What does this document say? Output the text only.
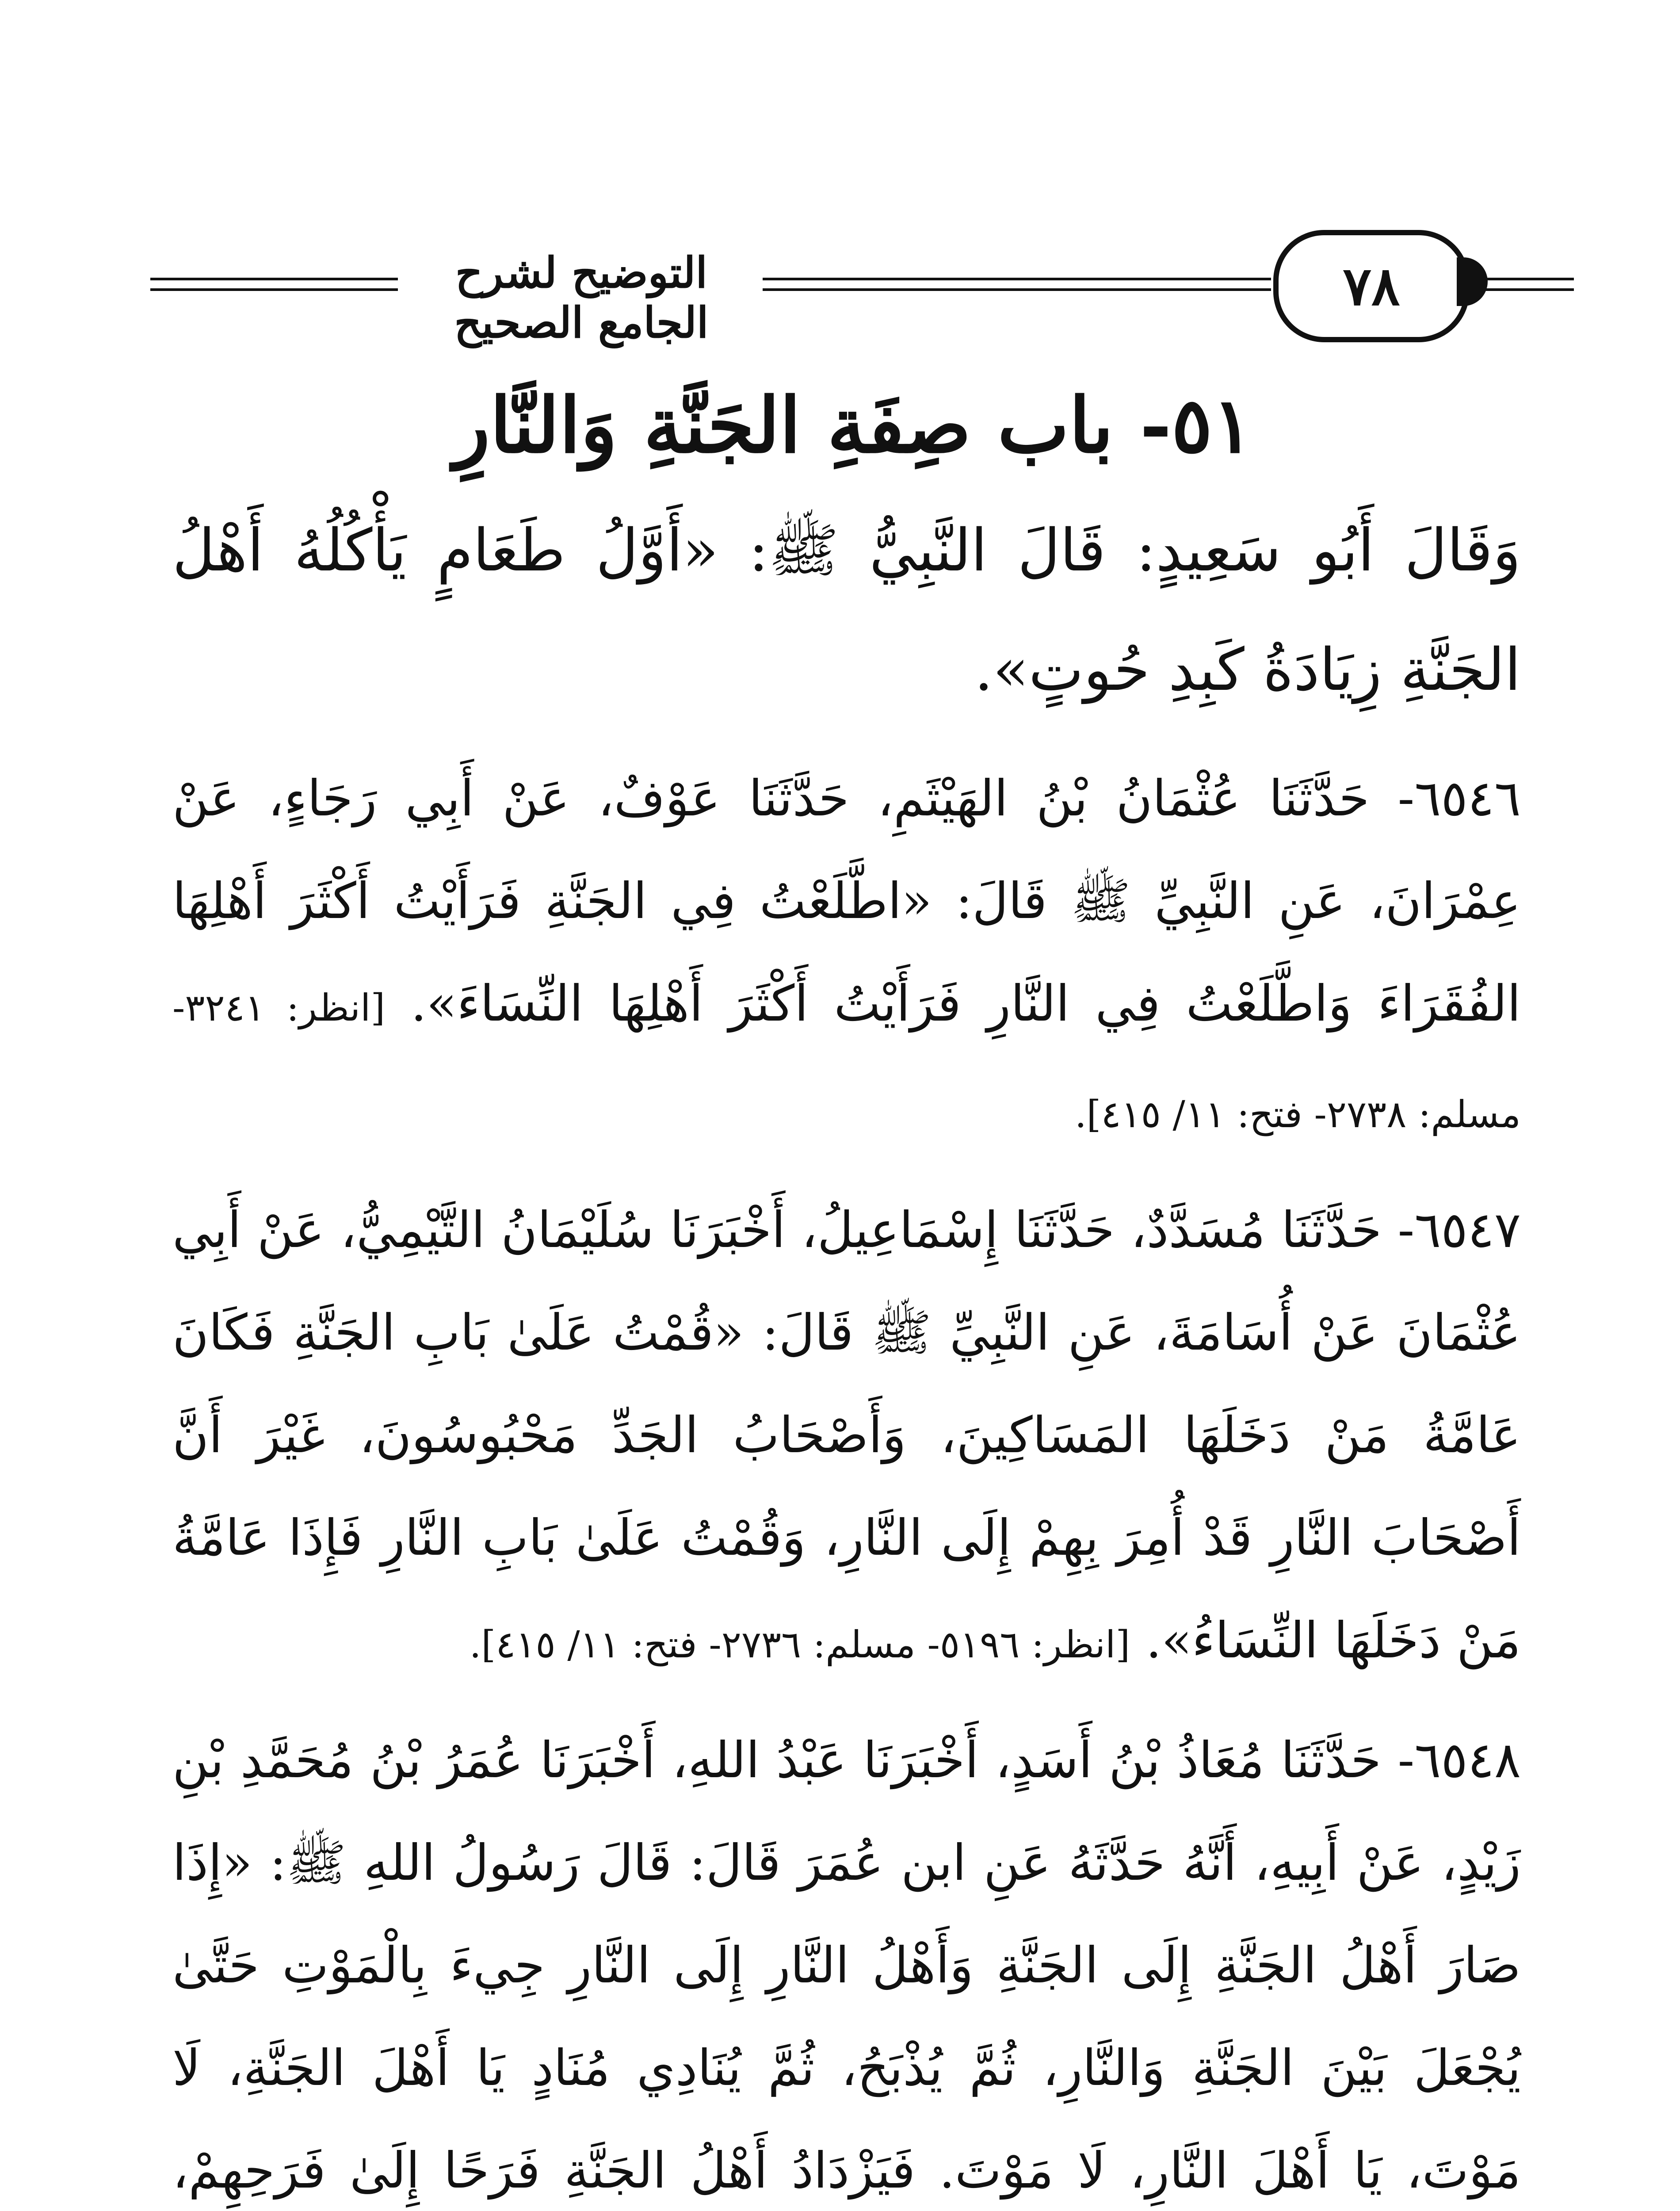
التوضيح لشرح الجامع الصحيح
٧٨
٥١- باب صِفَةِ الجَنَّةِ وَالنَّارِ

وَقَالَ أَبُو سَعِيدٍ: قَالَ النَّبِيُّ ﷺ: «أَوَّلُ طَعَامٍ يَأْكُلُهُ أَهْلُ الجَنَّةِ زِيَادَةُ كَبِدِ حُوتٍ».

٦٥٤٦- حَدَّثَنَا عُثْمَانُ بْنُ الهَيْثَمِ، حَدَّثَنَا عَوْفٌ، عَنْ أَبِي رَجَاءٍ، عَنْ عِمْرَانَ، عَنِ النَّبِيِّ ﷺ قَالَ: «اطَّلَعْتُ فِي الجَنَّةِ فَرَأَيْتُ أَكْثَرَ أَهْلِهَا الفُقَرَاءَ وَاطَّلَعْتُ فِي النَّارِ فَرَأَيْتُ أَكْثَرَ أَهْلِهَا النِّسَاءَ». [انظر: ٣٢٤١- مسلم: ٢٧٣٨- فتح: ١١/ ٤١٥].

٦٥٤٧- حَدَّثَنَا مُسَدَّدٌ، حَدَّثَنَا إِسْمَاعِيلُ، أَخْبَرَنَا سُلَيْمَانُ التَّيْمِيُّ، عَنْ أَبِي عُثْمَانَ عَنْ أُسَامَةَ، عَنِ النَّبِيِّ ﷺ قَالَ: «قُمْتُ عَلَىٰ بَابِ الجَنَّةِ فَكَانَ عَامَّةُ مَنْ دَخَلَهَا المَسَاكِينَ، وَأَصْحَابُ الجَدِّ مَحْبُوسُونَ، غَيْرَ أَنَّ أَصْحَابَ النَّارِ قَدْ أُمِرَ بِهِمْ إِلَى النَّارِ، وَقُمْتُ عَلَىٰ بَابِ النَّارِ فَإِذَا عَامَّةُ مَنْ دَخَلَهَا النِّسَاءُ». [انظر: ٥١٩٦- مسلم: ٢٧٣٦- فتح: ١١/ ٤١٥].

٦٥٤٨- حَدَّثَنَا مُعَاذُ بْنُ أَسَدٍ، أَخْبَرَنَا عَبْدُ اللهِ، أَخْبَرَنَا عُمَرُ بْنُ مُحَمَّدِ بْنِ زَيْدٍ، عَنْ أَبِيهِ، أَنَّهُ حَدَّثَهُ عَنِ ابن عُمَرَ قَالَ: قَالَ رَسُولُ اللهِ ﷺ: «إِذَا صَارَ أَهْلُ الجَنَّةِ إِلَى الجَنَّةِ وَأَهْلُ النَّارِ إِلَى النَّارِ جِيءَ بِالْمَوْتِ حَتَّىٰ يُجْعَلَ بَيْنَ الجَنَّةِ وَالنَّارِ، ثُمَّ يُذْبَحُ، ثُمَّ يُنَادِي مُنَادٍ يَا أَهْلَ الجَنَّةِ، لَا مَوْتَ، يَا أَهْلَ النَّارِ، لَا مَوْتَ. فَيَزْدَادُ أَهْلُ الجَنَّةِ فَرَحًا إِلَىٰ فَرَحِهِمْ،
